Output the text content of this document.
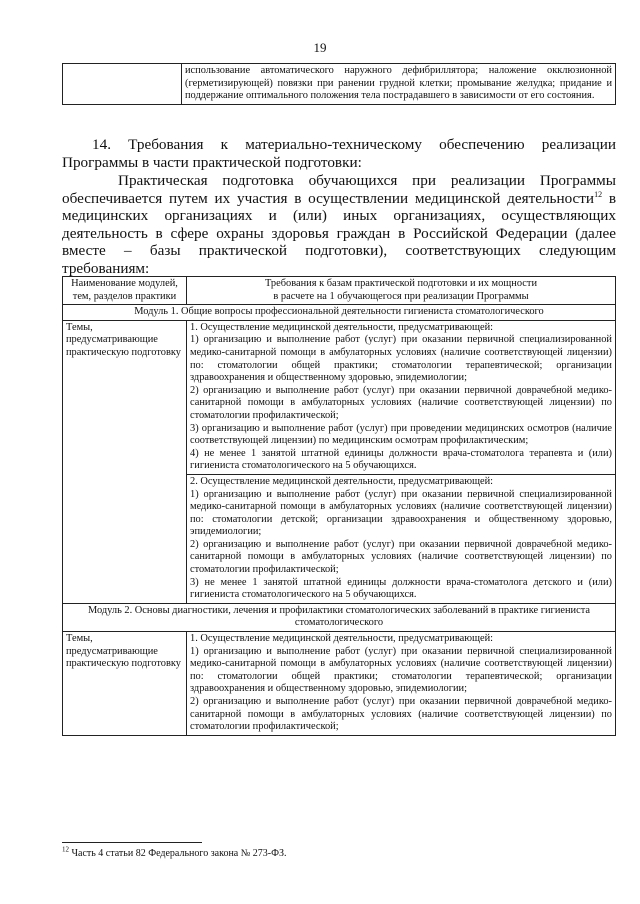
19
	использование автоматического наружного дефибриллятора; наложение окклюзионной (герметизирующей) повязки при ранении грудной клетки; промывание желудка; придание и поддержание оптимального положения тела пострадавшего в зависимости от его состояния.
14. Требования к материально-техническому обеспечению реализации Программы в части практической подготовки:
Практическая подготовка обучающихся при реализации Программы обеспечивается путем их участия в осуществлении медицинской деятельности$^{12}$ в медицинских организациях и (или) иных организациях, осуществляющих деятельность в сфере охраны здоровья граждан в Российской Федерации (далее вместе – базы практической подготовки), соответствующих следующим требованиям:
Наименование модулей, тем, разделов практики	Требования к базам практической подготовки и их мощности
в расчете на 1 обучающегося при реализации Программы

Модуль 1. Общие вопросы профессиональной деятельности гигиениста стоматологического	
Темы, предусматривающие практическую подготовку	1. Осуществление медицинской деятельности, предусматривающей:
1) организацию и выполнение работ (услуг) при оказании первичной специализированной медико-санитарной помощи в амбулаторных условиях (наличие соответствующей лицензии) по: стоматологии общей практики; стоматологии терапевтической; организации здравоохранения и общественному здоровью, эпидемиологии;
2) организацию и выполнение работ (услуг) при оказании первичной доврачебной медико-санитарной помощи в амбулаторных условиях (наличие соответствующей лицензии) по стоматологии профилактической;
3) организацию и выполнение работ (услуг) при проведении медицинских осмотров (наличие соответствующей лицензии) по медицинским осмотрам профилактическим;
4) не менее 1 занятой штатной единицы должности врача-стоматолога терапевта и (или) гигиениста стоматологического на 5 обучающихся.

	2. Осуществление медицинской деятельности, предусматривающей:
1) организацию и выполнение работ (услуг) при оказании первичной специализированной медико-санитарной помощи в амбулаторных условиях (наличие соответствующей лицензии) по: стоматологии детской; организации здравоохранения и общественному здоровью, эпидемиологии;
2) организацию и выполнение работ (услуг) при оказании первичной доврачебной медико-санитарной помощи в амбулаторных условиях (наличие соответствующей лицензии) по стоматологии профилактической;
3) не менее 1 занятой штатной единицы должности врача-стоматолога детского и (или) гигиениста стоматологического на 5 обучающихся.

Модуль 2. Основы диагностики, лечения и профилактики стоматологических заболеваний в практике гигиениста стоматологического	
Темы, предусматривающие практическую подготовку	1. Осуществление медицинской деятельности, предусматривающей:
1) организацию и выполнение работ (услуг) при оказании первичной специализированной медико-санитарной помощи в амбулаторных условиях (наличие соответствующей лицензии) по: стоматологии общей практики; стоматологии терапевтической; организации здравоохранения и общественному здоровью, эпидемиологии;
2) организацию и выполнение работ (услуг) при оказании первичной доврачебной медико-санитарной помощи в амбулаторных условиях (наличие соответствующей лицензии) по стоматологии профилактической;
$^{12}$ Часть 4 статьи 82 Федерального закона № 273-ФЗ.
